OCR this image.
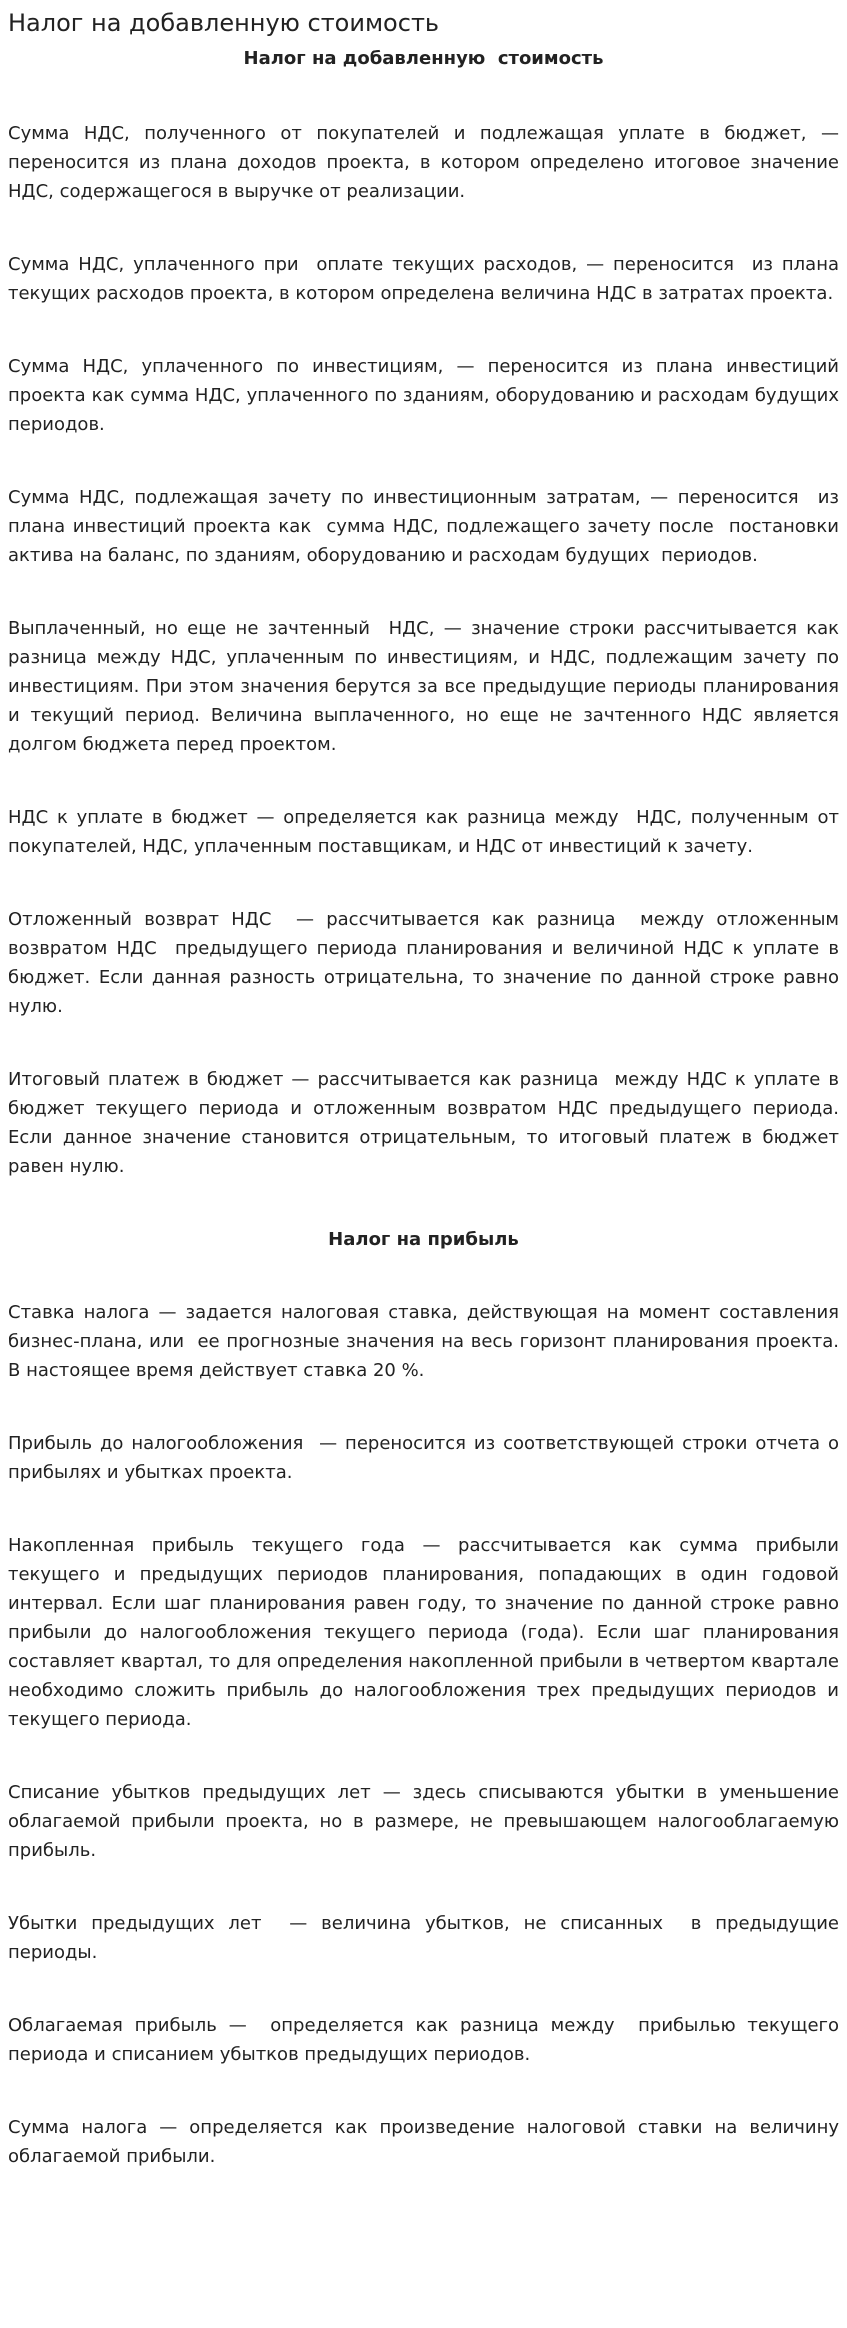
Налог на добавленную стоимость
Налог на добавленную  стоимость

Сумма НДС, полученного от покупателей и подлежащая уплате в бюджет, — переносится из плана доходов проекта, в котором определено итоговое значение НДС, содержащегося в выручке от реализации.

Сумма НДС, уплаченного при  оплате текущих расходов, — переносится  из плана текущих расходов проекта, в котором определена величина НДС в затратах проекта.

Сумма НДС, уплаченного по инвестициям, — переносится из плана инвестиций проекта как сумма НДС, уплаченного по зданиям, оборудованию и расходам будущих периодов.

Сумма НДС, подлежащая зачету по инвестиционным затратам, — переносится  из плана инвестиций проекта как  сумма НДС, подлежащего зачету после  постановки актива на баланс, по зданиям, оборудованию и расходам будущих  периодов.

Выплаченный, но еще не зачтенный  НДС, — значение строки рассчитывается как разница между НДС, уплаченным по инвестициям, и НДС, подлежащим зачету по инвестициям. При этом значения берутся за все предыдущие периоды планирования и текущий период. Величина выплаченного, но еще не зачтенного НДС является долгом бюджета перед проектом.

НДС к уплате в бюджет — определяется как разница между  НДС, полученным от покупателей, НДС, уплаченным поставщикам, и НДС от инвестиций к зачету.

Отложенный возврат НДС  — рассчитывается как разница  между отложенным возвратом НДС  предыдущего периода планирования и величиной НДС к уплате в бюджет. Если данная разность отрицательна, то значение по данной строке равно нулю.

Итоговый платеж в бюджет — рассчитывается как разница  между НДС к уплате в бюджет текущего периода и отложенным возвратом НДС предыдущего периода. Если данное значение становится отрицательным, то итоговый платеж в бюджет равен нулю.

Налог на прибыль

Ставка налога — задается налоговая ставка, действующая на момент составления бизнес-плана, или  ее прогнозные значения на весь горизонт планирования проекта. В настоящее время действует ставка 20 %.

Прибыль до налогообложения  — переносится из соответствующей строки отчета о прибылях и убытках проекта.

Накопленная прибыль текущего года — рассчитывается как сумма прибыли текущего и предыдущих периодов планирования, попадающих в один годовой интервал. Если шаг планирования равен году, то значение по данной строке равно прибыли до налогообложения текущего периода (года). Если шаг планирования составляет квартал, то для определения накопленной прибыли в четвертом квартале необходимо сложить прибыль до налогообложения трех предыдущих периодов и текущего периода.

Списание убытков предыдущих лет — здесь списываются убытки в уменьшение облагаемой прибыли проекта, но в размере, не превышающем налогооблагаемую прибыль.

Убытки предыдущих лет  — величина убытков, не списанных  в предыдущие периоды.

Облагаемая прибыль —  определяется как разница между  прибылью текущего периода и списанием убытков предыдущих периодов.

Сумма налога — определяется как произведение налоговой ставки на величину облагаемой прибыли.
